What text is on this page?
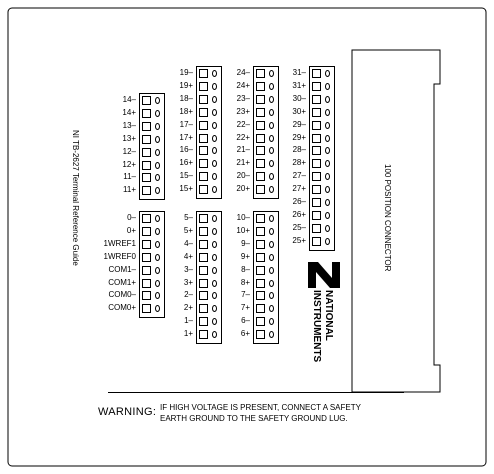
NI TB-2627 Terminal Reference Guide	100 POSITION CONNECTOR
NATIONAL
INSTRUMENTS
14–
14+
13–
13+
12–
12+
11–
11+
19–
19+
18–
18+
17–
17+
16–
16+
15–
15+
24–
24+
23–
23+
22–
22+
21–
21+
20–
20+
31–
31+
30–
30+
29–
29+
28–
28+
27–
27+
26–
26+
25–
25+
0–
0+
1WREF1
1WREF0
COM1–
COM1+
COM0–
COM0+
5–
5+
4–
4+
3–
3+
2–
2+
1–
1+
10–
10+
9–
9+
8–
8+
7–
7+
6–
6+
WARNING: IF HIGH VOLTAGE IS PRESENT, CONNECT A SAFETY
EARTH GROUND TO THE SAFETY GROUND LUG.
